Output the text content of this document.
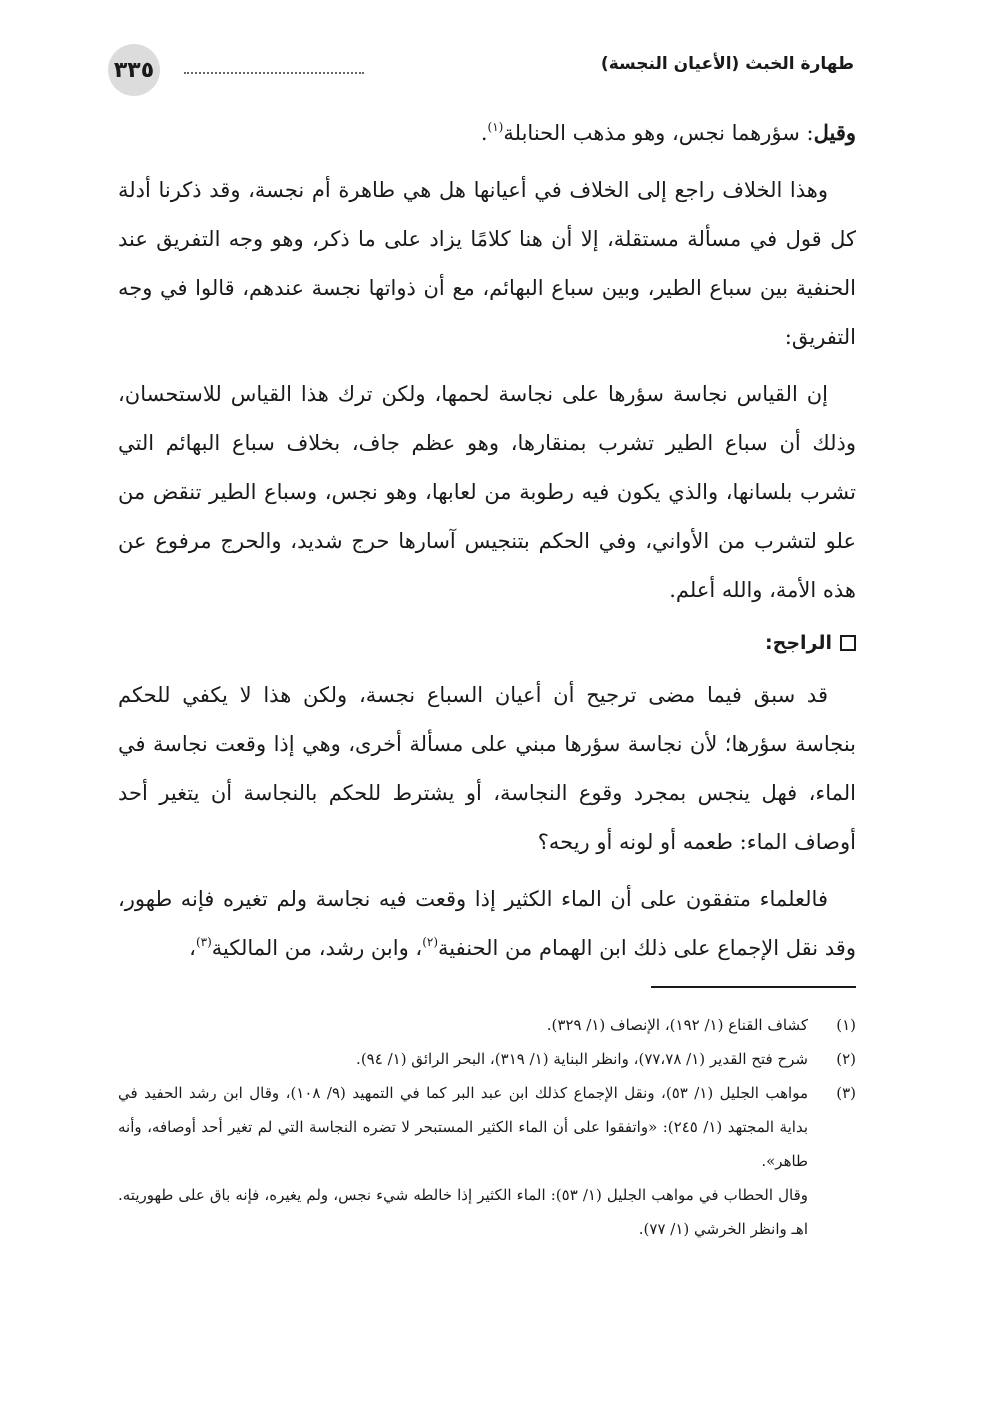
٣٣٥	طهارة الخبث (الأعيان النجسة)

وقيل: سؤرهما نجس، وهو مذهب الحنابلة$^{(١)}$.

وهذا الخلاف راجع إلى الخلاف في أعيانها هل هي طاهرة أم نجسة، وقد ذكرنا أدلة كل قول في مسألة مستقلة، إلا أن هنا كلامًا يزاد على ما ذكر، وهو وجه التفريق عند الحنفية بين سباع الطير، وبين سباع البهائم، مع أن ذواتها نجسة عندهم، قالوا في وجه التفريق:

إن القياس نجاسة سؤرها على نجاسة لحمها، ولكن ترك هذا القياس للاستحسان، وذلك أن سباع الطير تشرب بمنقارها، وهو عظم جاف، بخلاف سباع البهائم التي تشرب بلسانها، والذي يكون فيه رطوبة من لعابها، وهو نجس، وسباع الطير تنقض من علو لتشرب من الأواني، وفي الحكم بتنجيس آسارها حرج شديد، والحرج مرفوع عن هذه الأمة، والله أعلم.

الراجح:

قد سبق فيما مضى ترجيح أن أعيان السباع نجسة، ولكن هذا لا يكفي للحكم بنجاسة سؤرها؛ لأن نجاسة سؤرها مبني على مسألة أخرى، وهي إذا وقعت نجاسة في الماء، فهل ينجس بمجرد وقوع النجاسة، أو يشترط للحكم بالنجاسة أن يتغير أحد أوصاف الماء: طعمه أو لونه أو ريحه؟

فالعلماء متفقون على أن الماء الكثير إذا وقعت فيه نجاسة ولم تغيره فإنه طهور، وقد نقل الإجماع على ذلك ابن الهمام من الحنفية$^{(٢)}$، وابن رشد، من المالكية$^{(٣)}$،

(١)
كشاف القناع (١/ ١٩٢)، الإنصاف (١/ ٣٢٩).
(٢)
شرح فتح القدير (١/ ٧٧،٧٨)، وانظر البناية (١/ ٣١٩)، البحر الرائق (١/ ٩٤).
(٣)
مواهب الجليل (١/ ٥٣)، ونقل الإجماع كذلك ابن عبد البر كما في التمهيد (٩/ ١٠٨)، وقال ابن رشد الحفيد في بداية المجتهد (١/ ٢٤٥): «واتفقوا على أن الماء الكثير المستبحر لا تضره النجاسة التي لم تغير أحد أوصافه، وأنه طاهر».
وقال الحطاب في مواهب الجليل (١/ ٥٣): الماء الكثير إذا خالطه شيء نجس، ولم يغيره، فإنه باق على طهوريته. اهـ وانظر الخرشي (١/ ٧٧).
